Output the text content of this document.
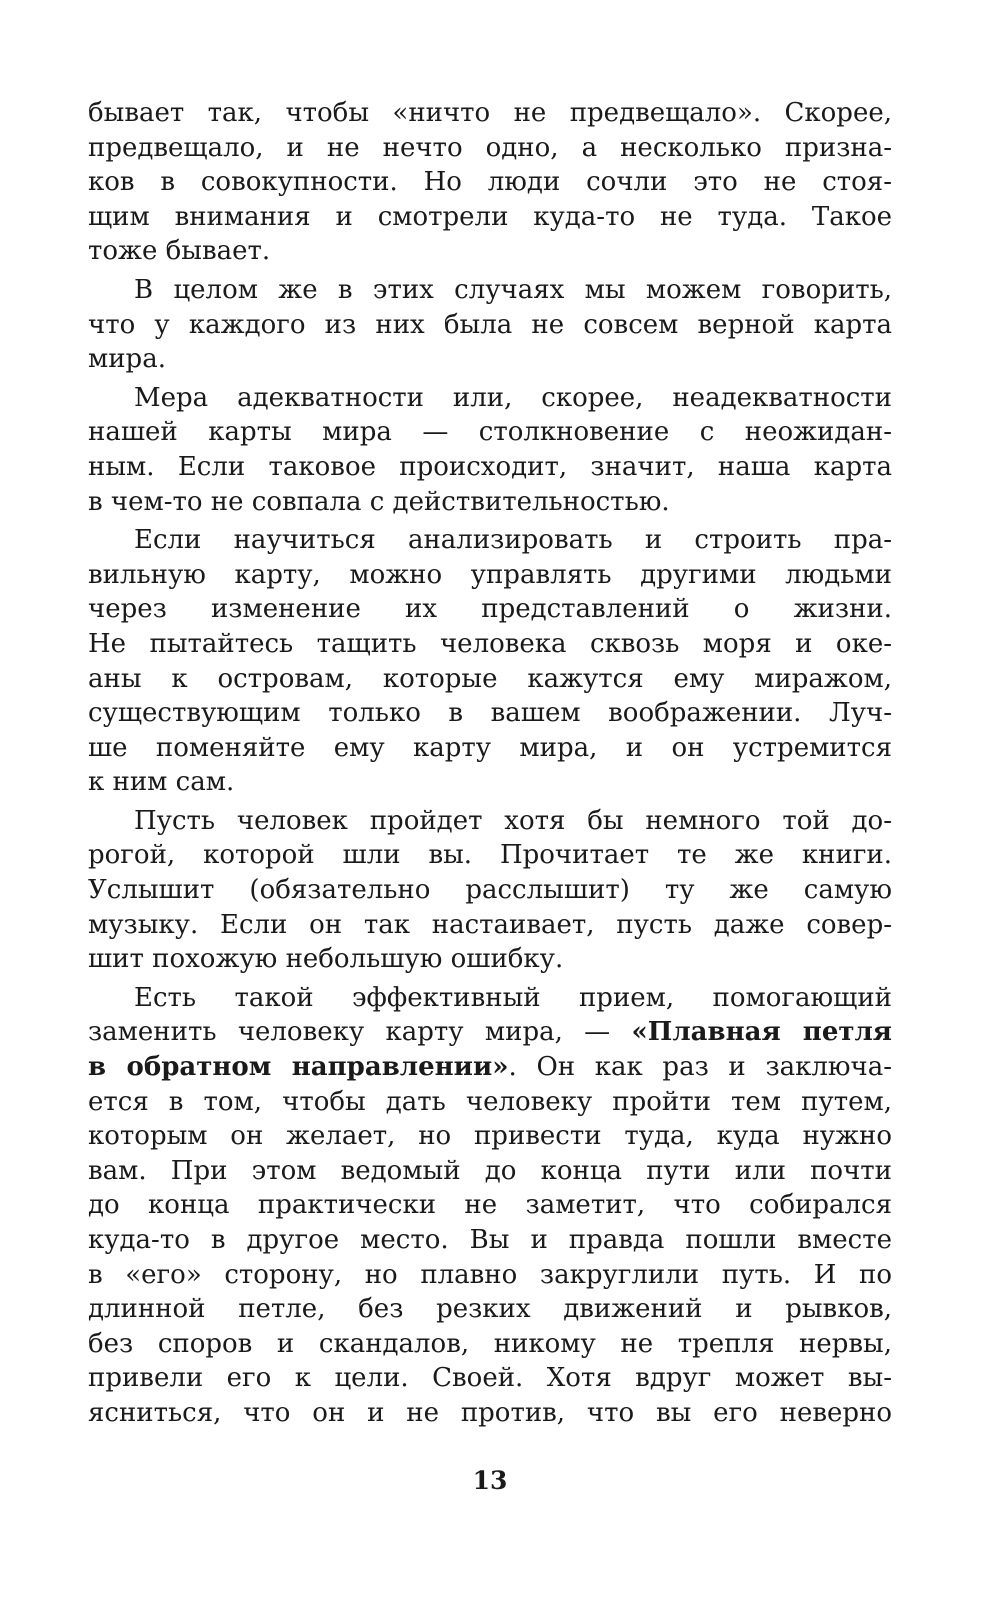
бывает так, чтобы «ничто не предвещало». Скорее,
предвещало, и не нечто одно, а несколько призна-
ков в совокупности. Но люди сочли это не стоя-
щим внимания и смотрели куда-то не туда. Такое
тоже бывает.
В целом же в этих случаях мы можем говорить,
что у каждого из них была не совсем верной карта
мира.
Мера адекватности или, скорее, неадекватности
нашей карты мира — столкновение с неожидан-
ным. Если таковое происходит, значит, наша карта
в чем-то не совпала с действительностью.
Если научиться анализировать и строить пра-
вильную карту, можно управлять другими людьми
через изменение их представлений о жизни.
Не пытайтесь тащить человека сквозь моря и оке-
аны к островам, которые кажутся ему миражом,
существующим только в вашем воображении. Луч-
ше поменяйте ему карту мира, и он устремится
к ним сам.
Пусть человек пройдет хотя бы немного той до-
рогой, которой шли вы. Прочитает те же книги.
Услышит (обязательно расслышит) ту же самую
музыку. Если он так настаивает, пусть даже совер-
шит похожую небольшую ошибку.
Есть такой эффективный прием, помогающий
заменить человеку карту мира, — «Плавная петля
в обратном направлении». Он как раз и заключа-
ется в том, чтобы дать человеку пройти тем путем,
которым он желает, но привести туда, куда нужно
вам. При этом ведомый до конца пути или почти
до конца практически не заметит, что собирался
куда-то в другое место. Вы и правда пошли вместе
в «его» сторону, но плавно закруглили путь. И по
длинной петле, без резких движений и рывков,
без споров и скандалов, никому не трепля нервы,
привели его к цели. Своей. Хотя вдруг может вы-
ясниться, что он и не против, что вы его неверно
13
